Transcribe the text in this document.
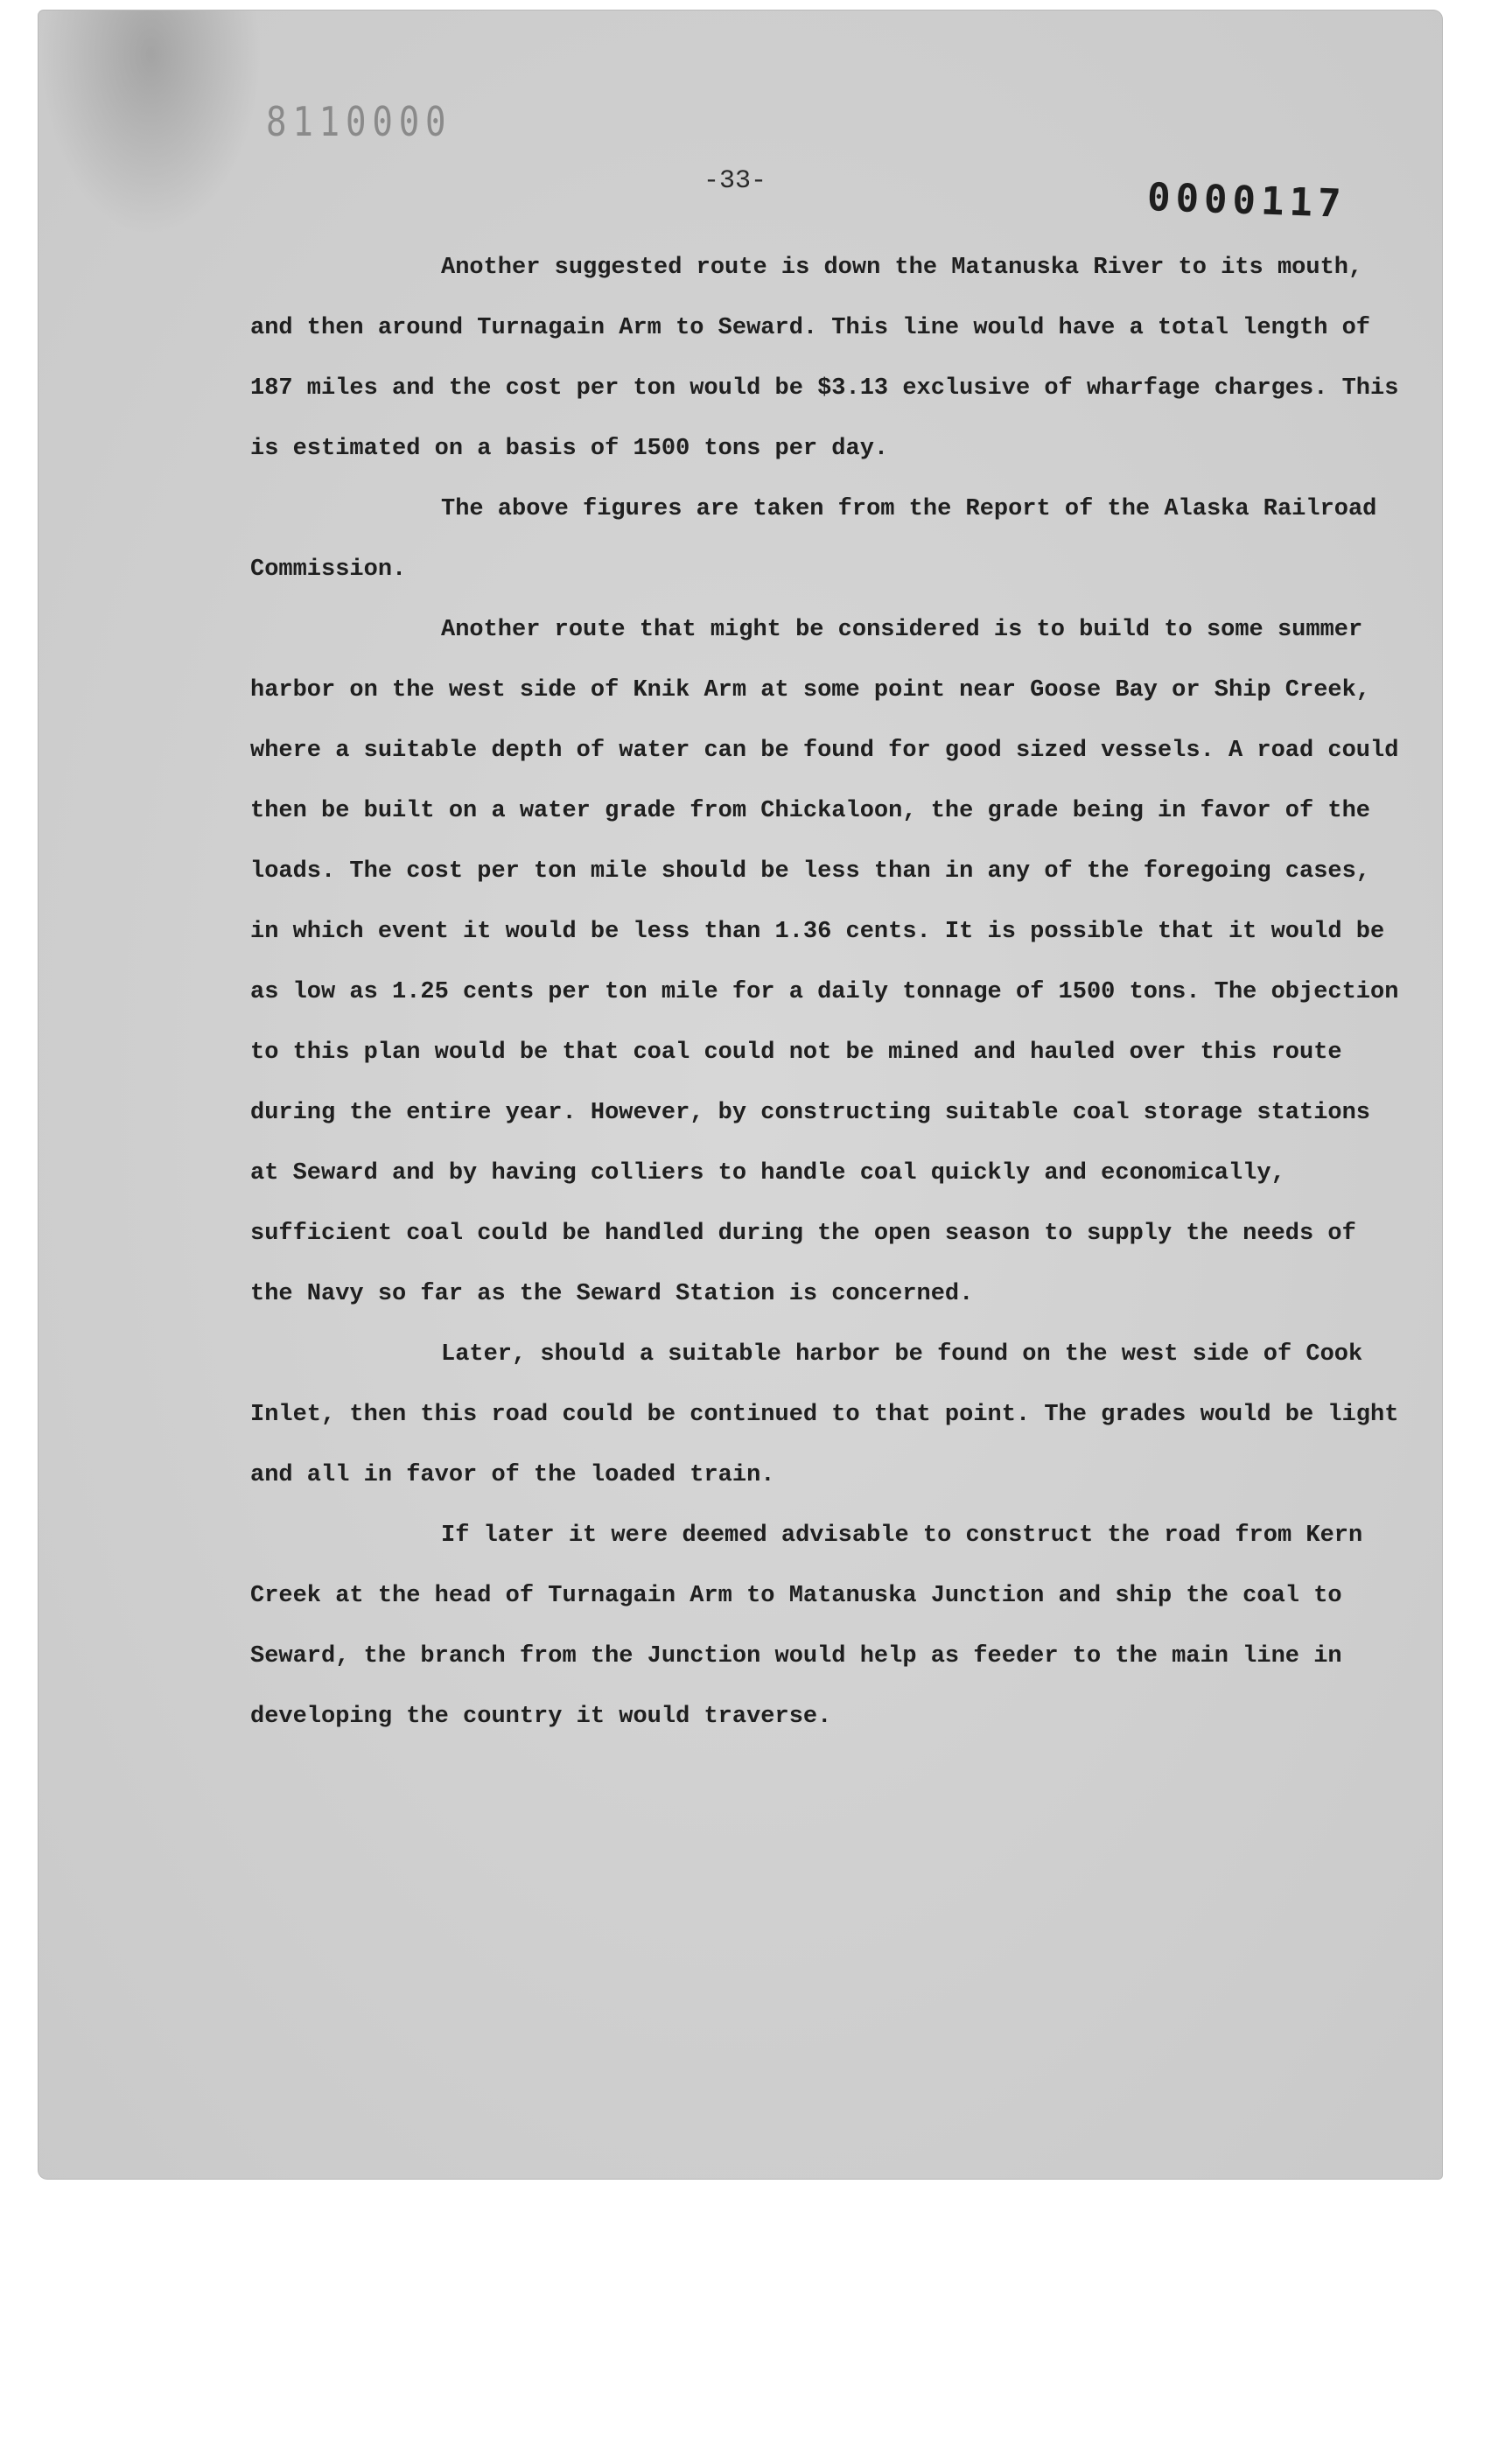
8110000
-33-	0000117

Another suggested route is down the Matanuska River to its mouth, and then around Turnagain Arm to Seward. This line would have a total length of 187 miles and the cost per ton would be $3.13 exclusive of wharfage charges. This is estimated on a basis of 1500 tons per day.

The above figures are taken from the Report of the Alaska Railroad Commission.

Another route that might be considered is to build to some summer harbor on the west side of Knik Arm at some point near Goose Bay or Ship Creek, where a suitable depth of water can be found for good sized vessels. A road could then be built on a water grade from Chickaloon, the grade being in favor of the loads. The cost per ton mile should be less than in any of the foregoing cases, in which event it would be less than 1.36 cents. It is possible that it would be as low as 1.25 cents per ton mile for a daily tonnage of 1500 tons. The objection to this plan would be that coal could not be mined and hauled over this route during the entire year. However, by constructing suitable coal storage stations at Seward and by having colliers to handle coal quickly and economically, sufficient coal could be handled during the open season to supply the needs of the Navy so far as the Seward Station is concerned.

Later, should a suitable harbor be found on the west side of Cook Inlet, then this road could be continued to that point. The grades would be light and all in favor of the loaded train.

If later it were deemed advisable to construct the road from Kern Creek at the head of Turnagain Arm to Matanuska Junction and ship the coal to Seward, the branch from the Junction would help as feeder to the main line in developing the country it would traverse.
